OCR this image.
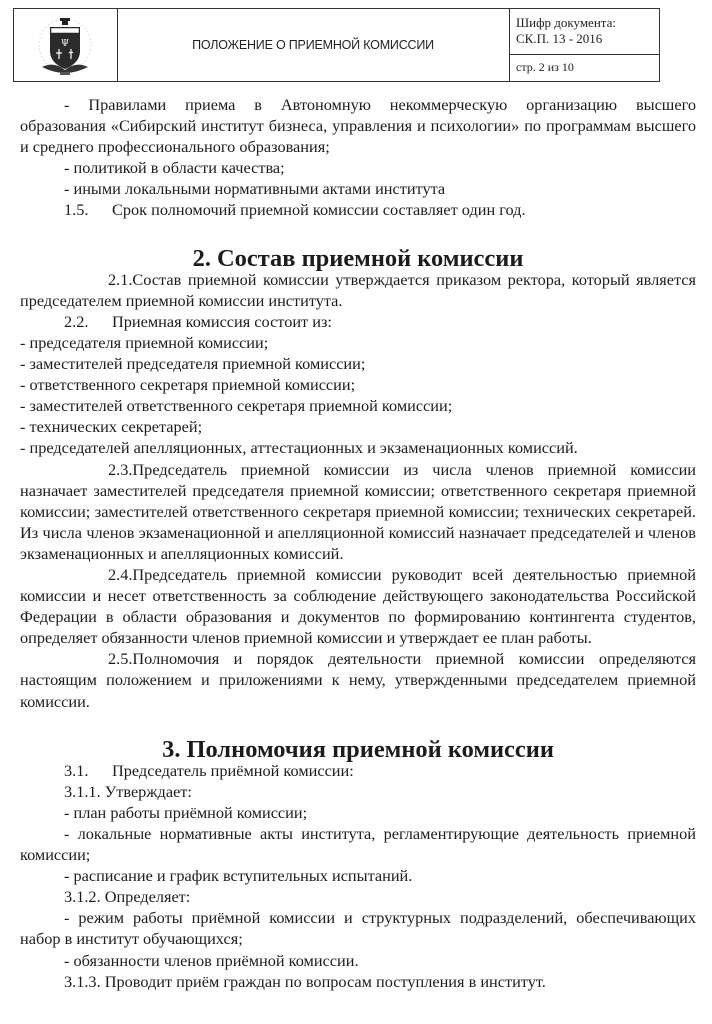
Ψ	ПОЛОЖЕНИЕ О ПРИЕМНОЙ КОМИССИИ
Шифр документа:
СК.П. 13 - 2016
стр. 2 из 10

- Правилами приема в Автономную некоммерческую организацию высшего

образования «Сибирский институт бизнеса, управления и психологии» по программам высшего и среднего профессионального образования;

- политикой в области качества;

- иными локальными нормативными актами института

1.5. Срок полномочий приемной комиссии составляет один год.

2. Состав приемной комиссии

2.1.Состав приемной комиссии утверждается приказом ректора, который является председателем приемной комиссии института.

2.2. Приемная комиссия состоит из:

- председателя приемной комиссии;

- заместителей председателя приемной комиссии;

- ответственного секретаря приемной комиссии;

- заместителей ответственного секретаря приемной комиссии;

- технических секретарей;

- председателей апелляционных, аттестационных и экзаменационных комиссий.

2.3.Председатель приемной комиссии из числа членов приемной комиссии назначает заместителей председателя приемной комиссии; ответственного секретаря приемной комиссии; заместителей ответственного секретаря приемной комиссии; технических секретарей. Из числа членов экзаменационной и апелляционной комиссий назначает председателей и членов экзаменационных и апелляционных комиссий.

2.4.Председатель приемной комиссии руководит всей деятельностью приемной комиссии и несет ответственность за соблюдение действующего законодательства Российской Федерации в области образования и документов по формированию контингента студентов, определяет обязанности членов приемной комиссии и утверждает ее план работы.

2.5.Полномочия и порядок деятельности приемной комиссии определяются настоящим положением и приложениями к нему, утвержденными председателем приемной комиссии.

3. Полномочия приемной комиссии

3.1. Председатель приёмной комиссии:

3.1.1. Утверждает:

- план работы приёмной комиссии;

- локальные нормативные акты института, регламентирующие деятельность приемной комиссии;

- расписание и график вступительных испытаний.

3.1.2. Определяет:

- режим работы приёмной комиссии и структурных подразделений, обеспечивающих набор в институт обучающихся;

- обязанности членов приёмной комиссии.

3.1.3. Проводит приём граждан по вопросам поступления в институт.
